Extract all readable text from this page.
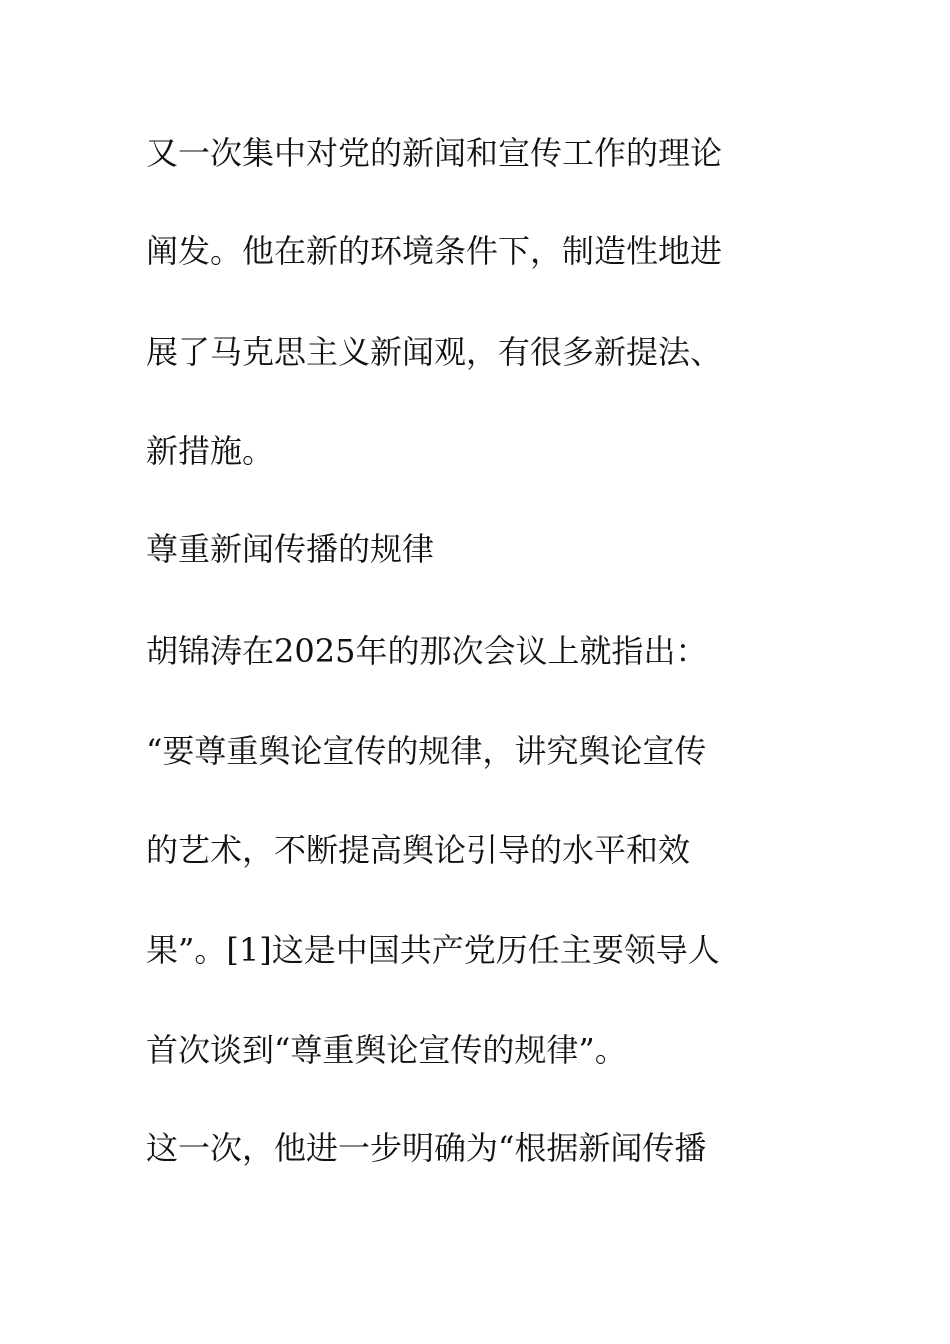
又一次集中对党的新闻和宣传工作的理论

阐发。他在新的环境条件下，制造性地进

展了马克思主义新闻观，有很多新提法、

新措施。

尊重新闻传播的规律

胡锦涛在2025年的那次会议上就指出：

“要尊重舆论宣传的规律，讲究舆论宣传

的艺术，不断提高舆论引导的水平和效

果”。[1]这是中国共产党历任主要领导人

首次谈到“尊重舆论宣传的规律”。

这一次，他进一步明确为“根据新闻传播
